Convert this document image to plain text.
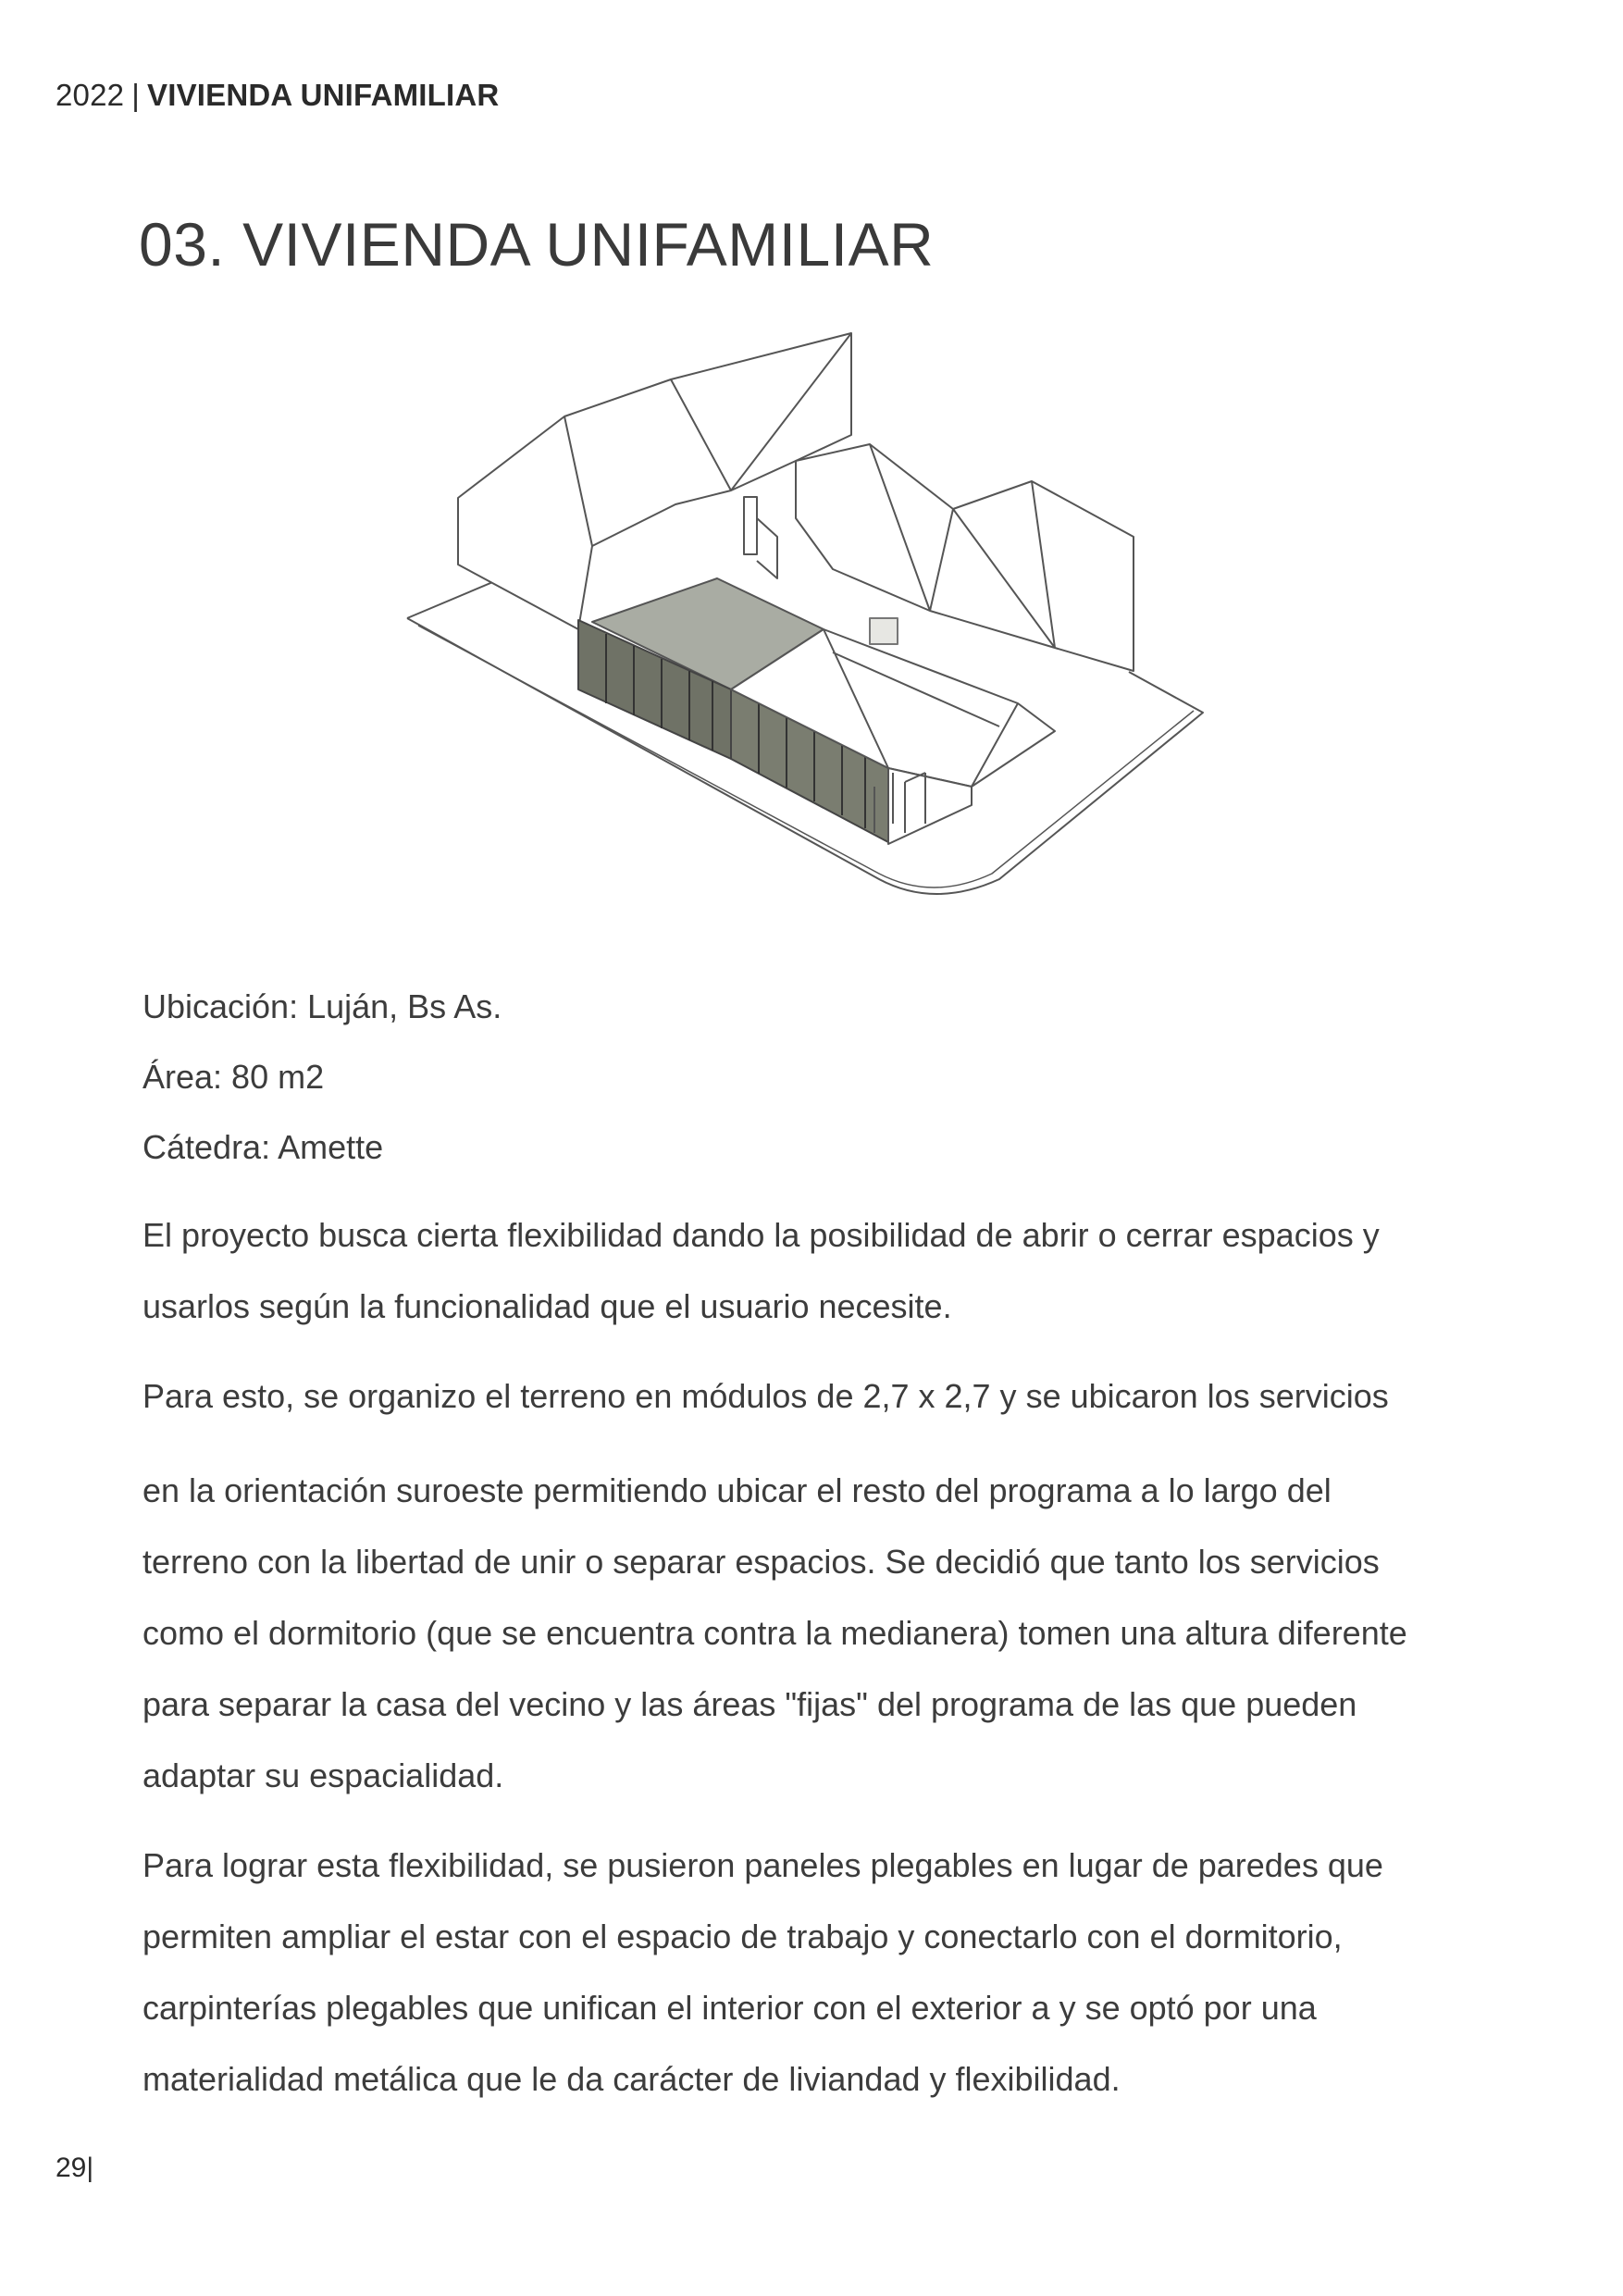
2022 | VIVIENDA UNIFAMILIAR
03. VIVIENDA UNIFAMILIAR
Ubicación: Luján, Bs As.
Área: 80 m2
Cátedra: Amette

El proyecto busca cierta flexibilidad dando la posibilidad de abrir o cerrar espacios y

usarlos según la funcionalidad que el usuario necesite.

Para esto, se organizo el terreno en módulos de 2,7 x 2,7 y se ubicaron los servicios

en la orientación suroeste permitiendo ubicar el resto del programa a lo largo del

terreno con la libertad de unir o separar espacios. Se decidió que tanto los servicios

como el dormitorio (que se encuentra contra la medianera) tomen una altura diferente

para separar la casa del vecino y las áreas "fijas" del programa de las que pueden

adaptar su espacialidad.

Para lograr esta flexibilidad, se pusieron paneles plegables en lugar de paredes que

permiten ampliar el estar con el espacio de trabajo y conectarlo con el dormitorio,

carpinterías plegables que unifican el interior con el exterior a y se optó por una

materialidad metálica que le da carácter de liviandad y flexibilidad.

29|
